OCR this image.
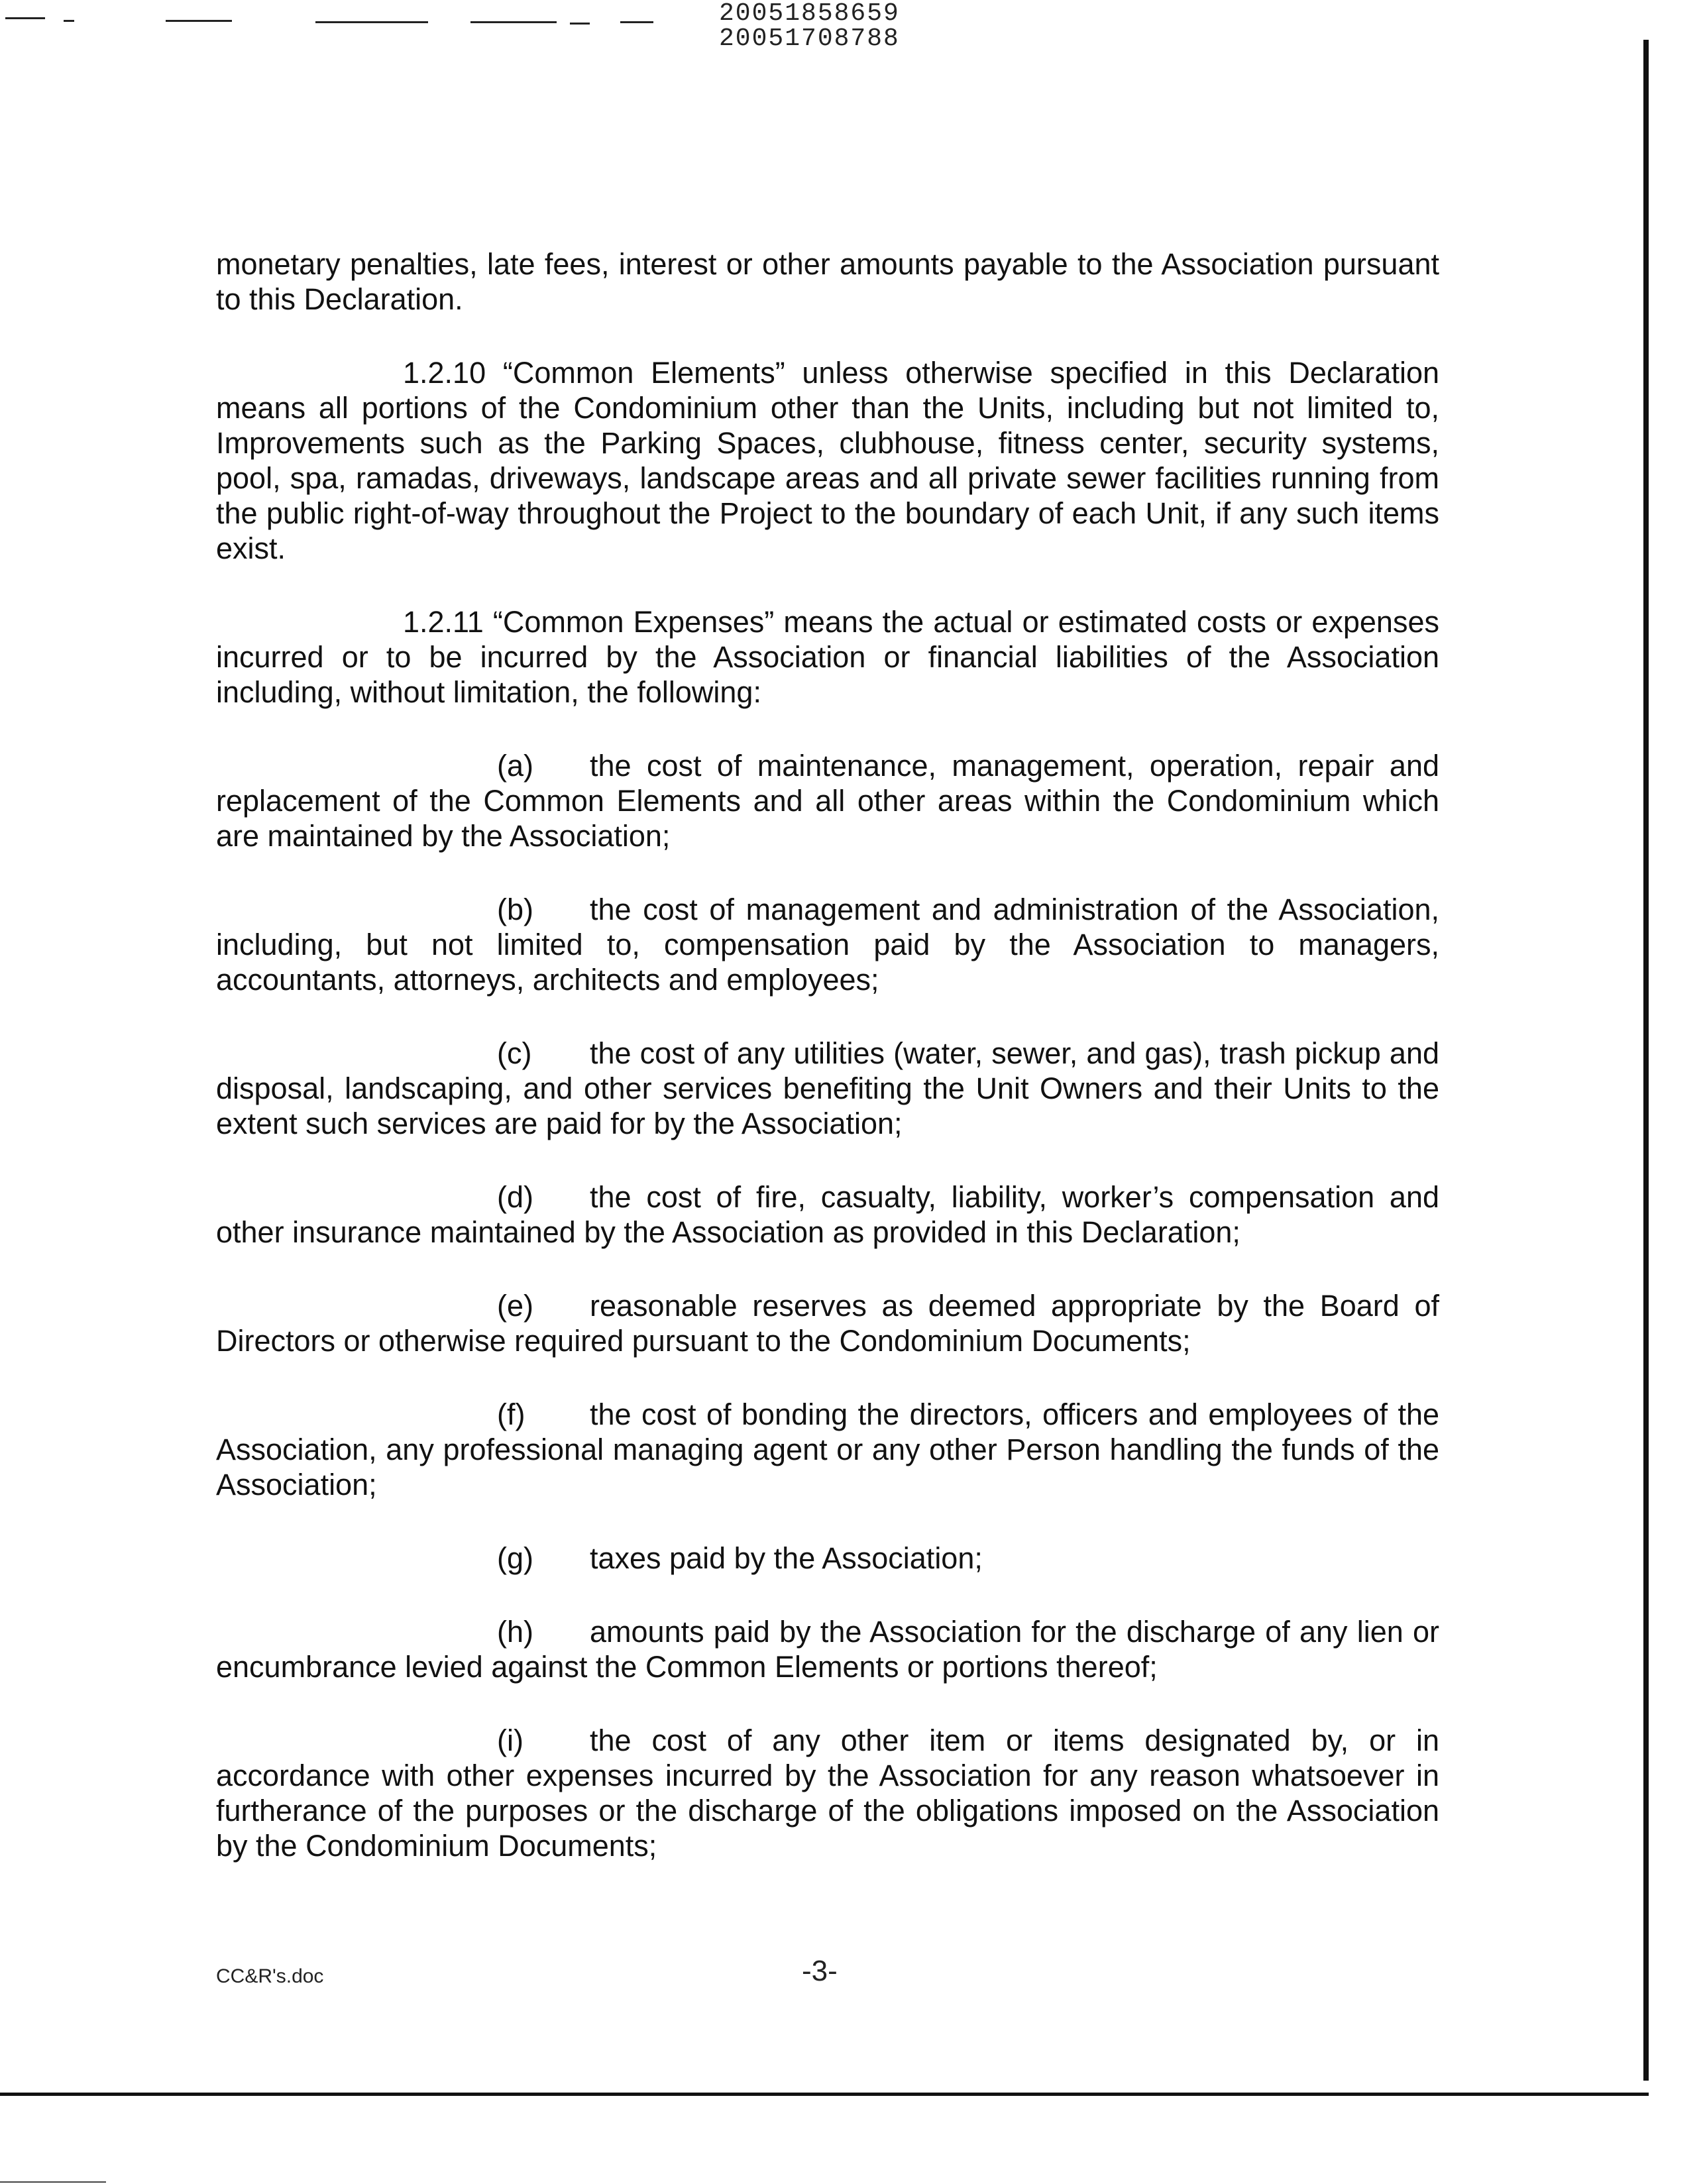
20051858659
20051708788

monetary penalties, late fees, interest or other amounts payable to the Association pursuant to this Declaration.

1.2.10 “Common Elements” unless otherwise specified in this Declaration means all portions of the Condominium other than the Units, including but not limited to, Improvements such as the Parking Spaces, clubhouse, fitness center, security systems, pool, spa, ramadas, driveways, landscape areas and all private sewer facilities running from the public right-of-way throughout the Project to the boundary of each Unit, if any such items exist.

1.2.11 “Common Expenses” means the actual or estimated costs or expenses incurred or to be incurred by the Association or financial liabilities of the Association including, without limitation, the following:

(a) the cost of maintenance, management, operation, repair and replacement of the Common Elements and all other areas within the Condominium which are maintained by the Association;

(b) the cost of management and administration of the Association, including, but not limited to, compensation paid by the Association to managers, accountants, attorneys, architects and employees;

(c) the cost of any utilities (water, sewer, and gas), trash pickup and disposal, landscaping, and other services benefiting the Unit Owners and their Units to the extent such services are paid for by the Association;

(d) the cost of fire, casualty, liability, worker’s compensation and other insurance maintained by the Association as provided in this Declaration;

(e) reasonable reserves as deemed appropriate by the Board of Directors or otherwise required pursuant to the Condominium Documents;

(f) the cost of bonding the directors, officers and employees of the Association, any professional managing agent or any other Person handling the funds of the Association;

(g) taxes paid by the Association;

(h) amounts paid by the Association for the discharge of any lien or encumbrance levied against the Common Elements or portions thereof;

(i) the cost of any other item or items designated by, or in accordance with other expenses incurred by the Association for any reason whatsoever in furtherance of the purposes or the discharge of the obligations imposed on the Association by the Condominium Documents;

CC&R's.doc	-3-
